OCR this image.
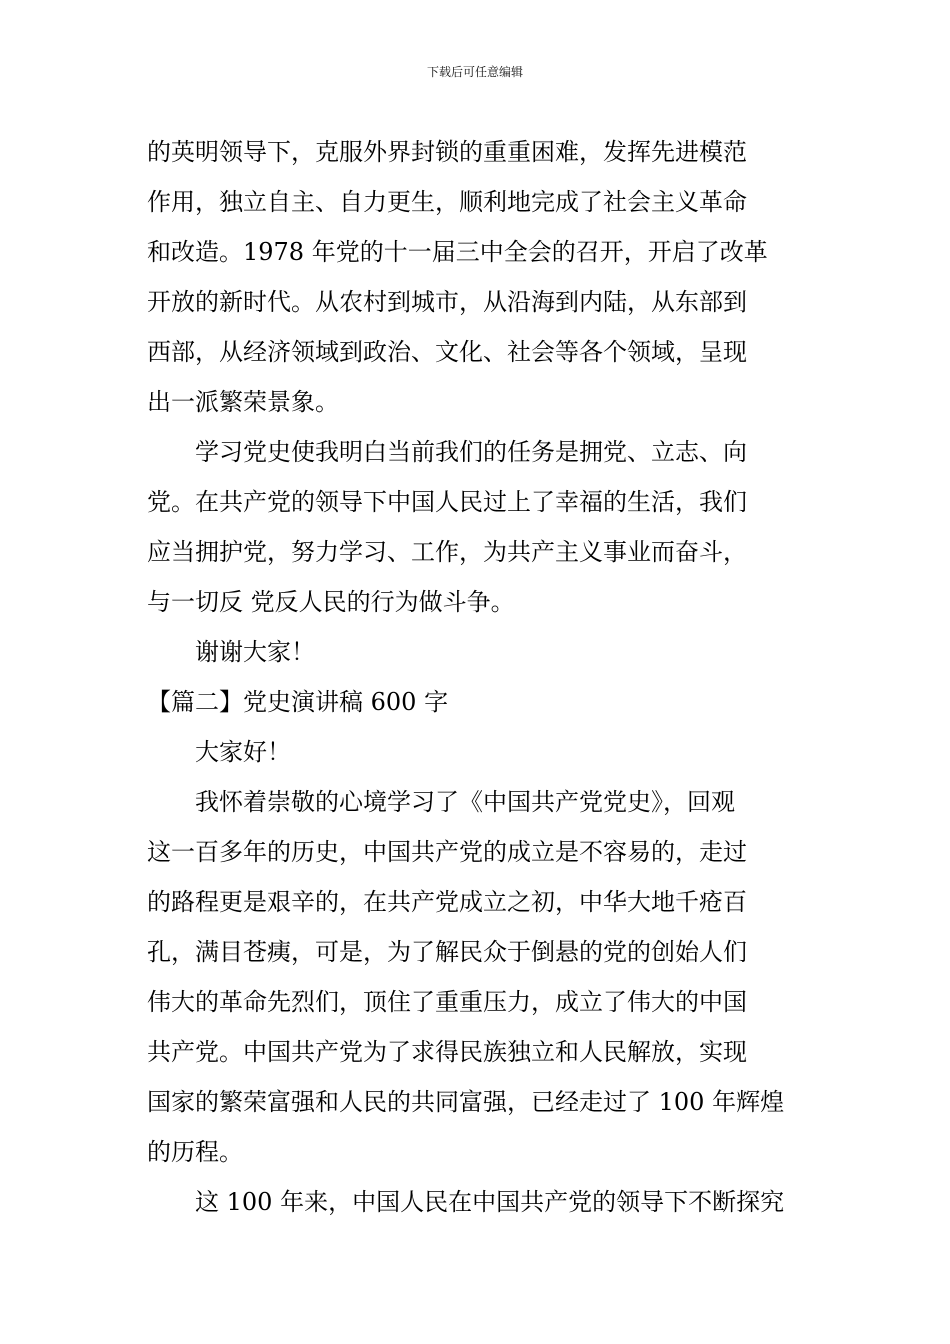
下载后可任意编辑
的英明领导下，克服外界封锁的重重困难，发挥先进模范
作用，独立自主、自力更生，顺利地完成了社会主义革命
和改造。1978 年党的十一届三中全会的召开，开启了改革
开放的新时代。从农村到城市，从沿海到内陆，从东部到
西部，从经济领域到政治、文化、社会等各个领域，呈现
出一派繁荣景象。
学习党史使我明白当前我们的任务是拥党、立志、向
党。在共产党的领导下中国人民过上了幸福的生活，我们
应当拥护党，努力学习、工作，为共产主义事业而奋斗，
与一切反 党反人民的行为做斗争。
谢谢大家！
【篇二】党史演讲稿 600 字
大家好！
我怀着崇敬的心境学习了《中国共产党党史》，回观
这一百多年的历史，中国共产党的成立是不容易的，走过
的路程更是艰辛的，在共产党成立之初，中华大地千疮百
孔，满目苍痍，可是，为了解民众于倒悬的党的创始人们
伟大的革命先烈们，顶住了重重压力，成立了伟大的中国
共产党。中国共产党为了求得民族独立和人民解放，实现
国家的繁荣富强和人民的共同富强，已经走过了 100 年辉煌
的历程。
这 100 年来，中国人民在中国共产党的领导下不断探究
